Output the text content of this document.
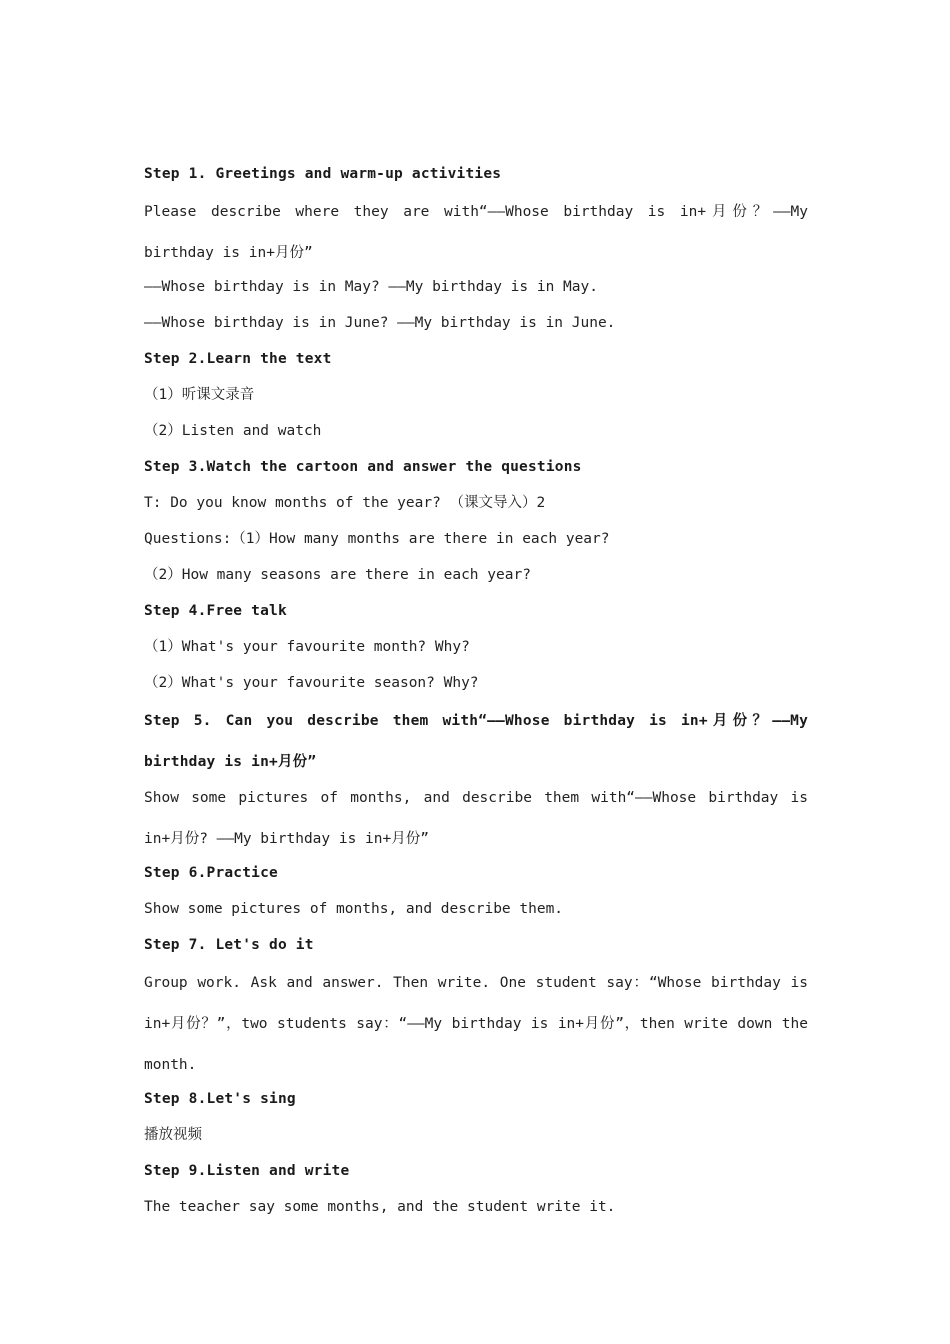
Step 1. Greetings and warm-up activities
Please describe where they are with“——Whose birthday is in+月份？——My birthday is in+月份”
——Whose birthday is in May? ——My birthday is in May.
——Whose birthday is in June? ——My birthday is in June.
Step 2.Learn the text
（1）听课文录音
（2）Listen and watch
Step 3.Watch the cartoon and answer the questions
T: Do you know months of the year? （课文导入）2
Questions:（1）How many months are there in each year?
（2）How many seasons are there in each year?
Step 4.Free talk
（1）What's your favourite month? Why?
（2）What's your favourite season? Why?
Step 5. Can you describe them with“——Whose birthday is in+月份？——My birthday is in+月份”
Show some pictures of months, and describe them with“——Whose birthday is in+月份? ——My birthday is in+月份”
Step 6.Practice
Show some pictures of months, and describe them.
Step 7. Let's do it
Group work. Ask and answer. Then write. One student say：“Whose birthday is in+月份？”，two students say：“——My birthday is in+月份”，then write down the month.
Step 8.Let's sing
播放视频
Step 9.Listen and write
The teacher say some months, and the student write it.
